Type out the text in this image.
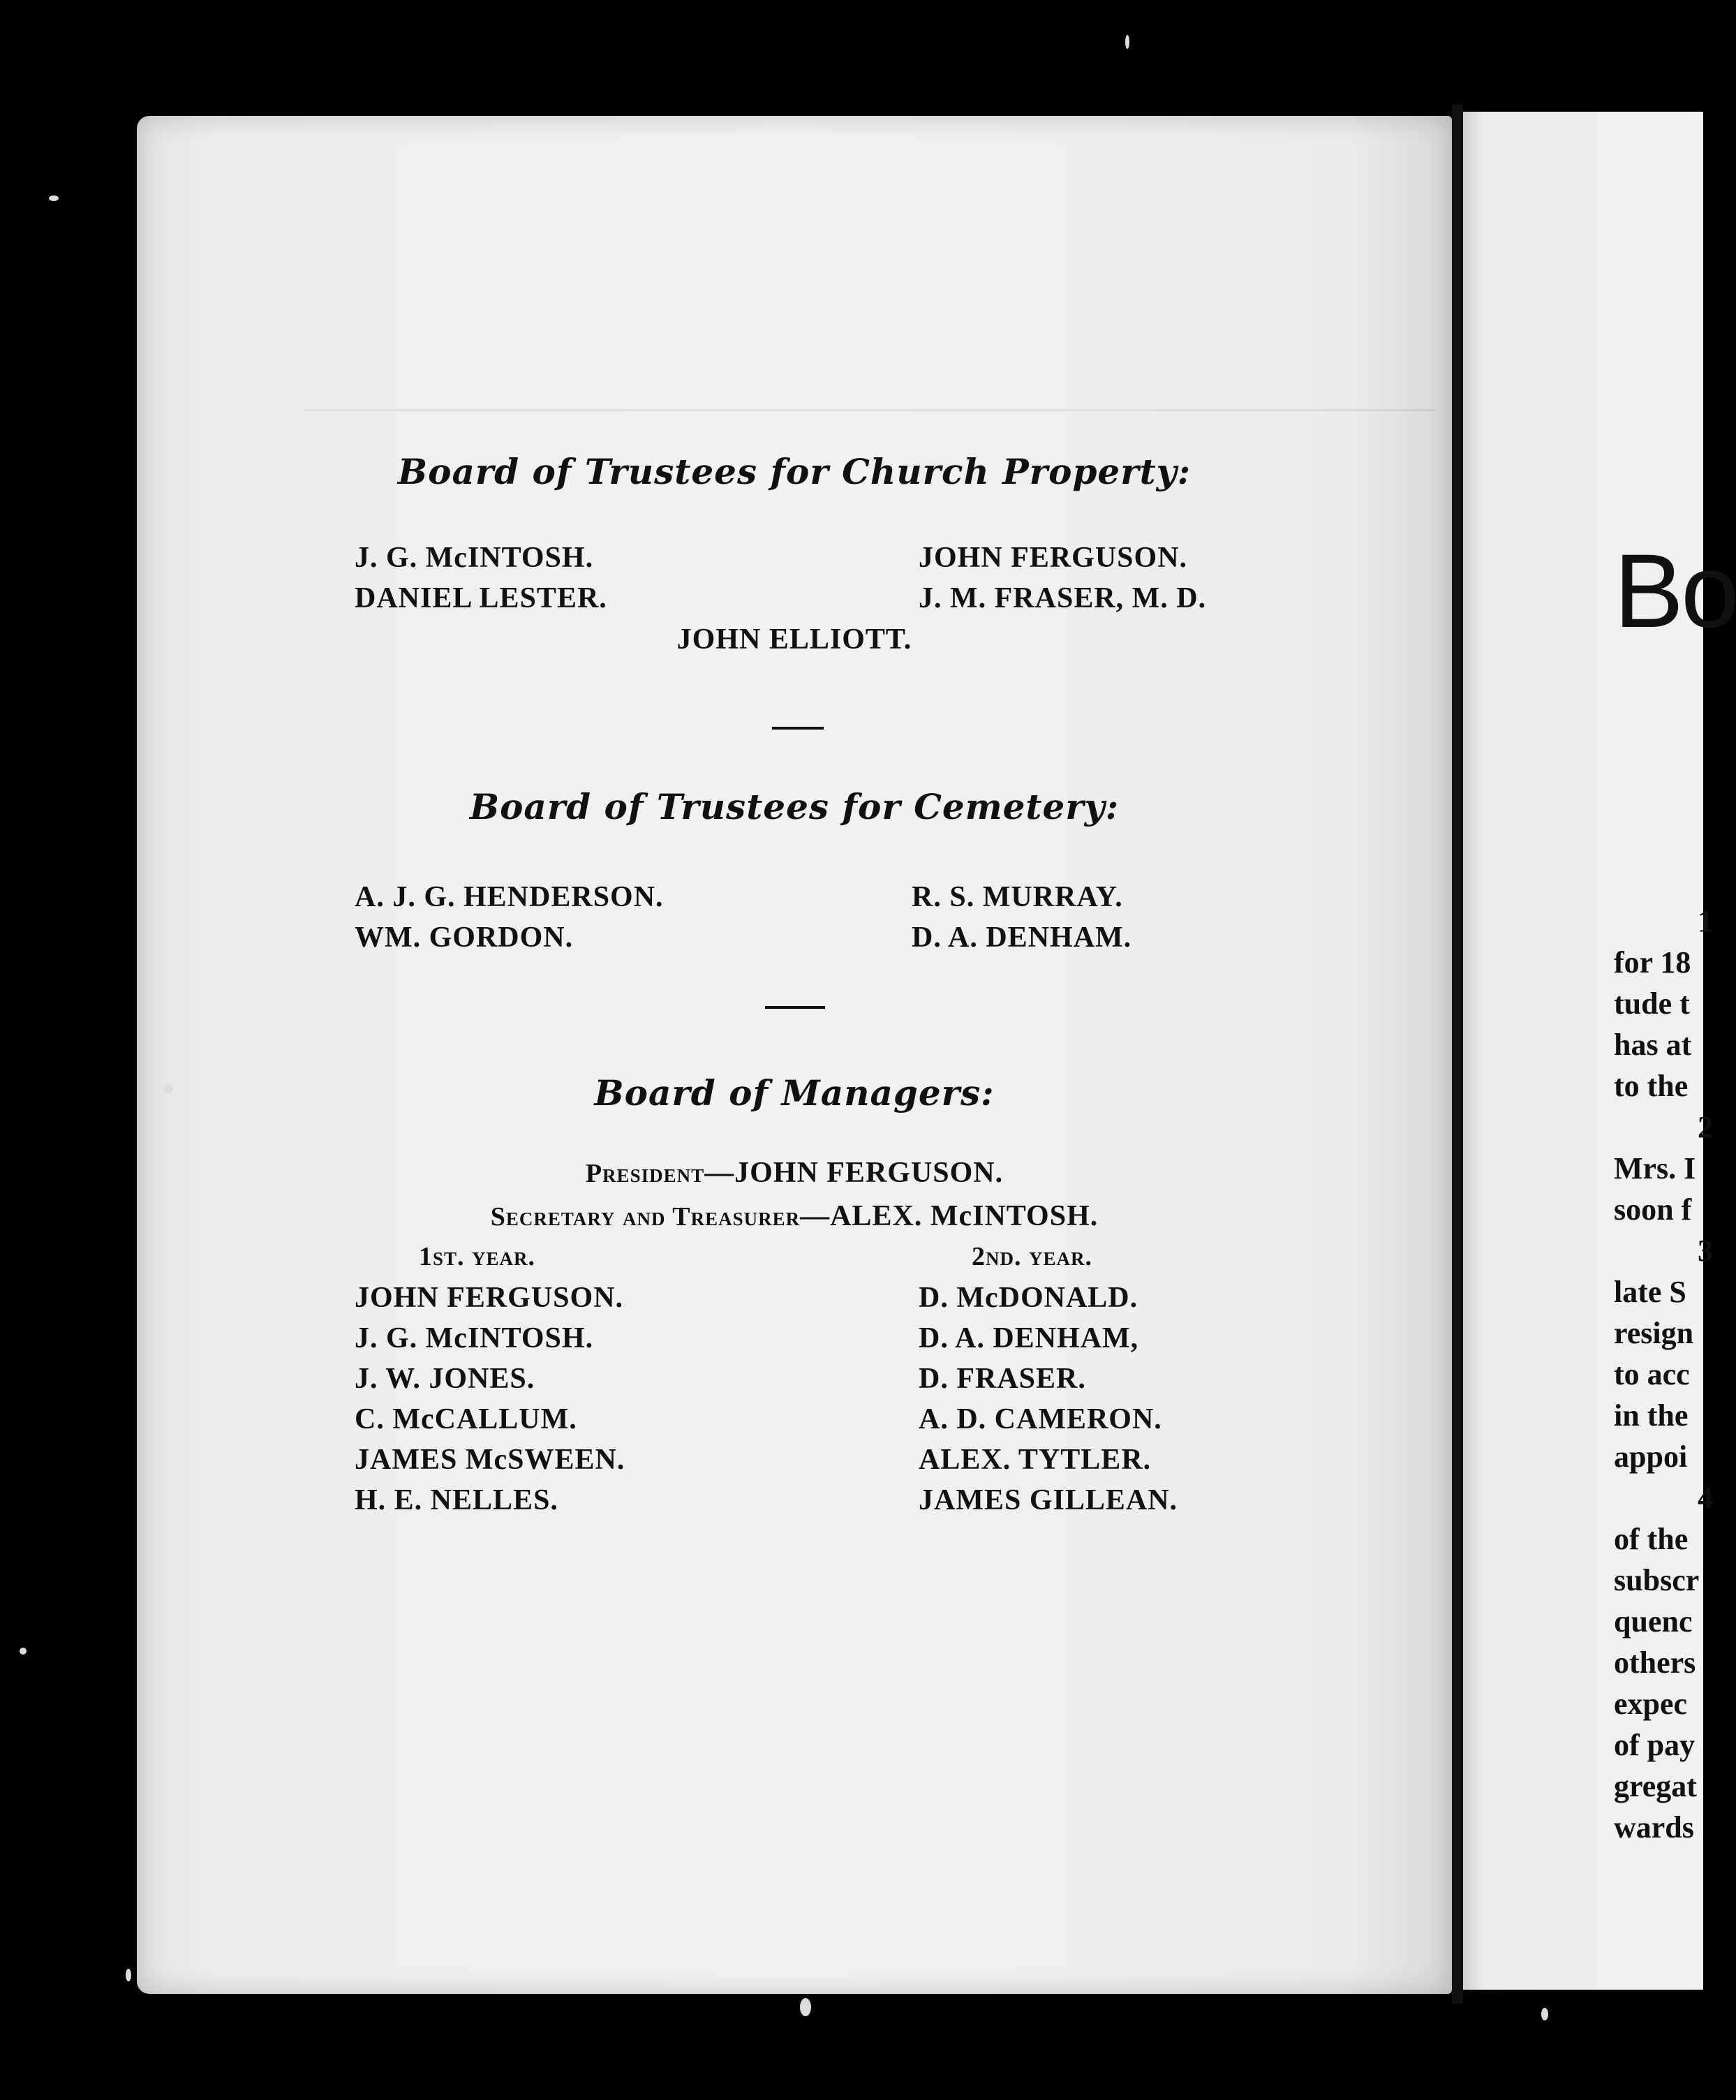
Board of Trustees for Church Property:
J. G. McINTOSH.
DANIEL LESTER.
JOHN FERGUSON.
J. M. FRASER, M. D.
JOHN ELLIOTT.
Board of Trustees for Cemetery:
A. J. G. HENDERSON.
WM. GORDON.
R. S. MURRAY.
D. A. DENHAM.
Board of Managers:
President—JOHN FERGUSON.
Secretary and Treasurer—ALEX. McINTOSH.
1st. year.	2nd. year.
JOHN FERGUSON.
J. G. McINTOSH.
J. W. JONES.
C. McCALLUM.
JAMES McSWEEN.
H. E. NELLES.
D. McDONALD.
D. A. DENHAM,
D. FRASER.
A. D. CAMERON.
ALEX. TYTLER.
JAMES GILLEAN.
Bo
1
for 18
tude t
has at
to the
2
Mrs. I
soon f
3
late S
resign
to acc
in the
appoi
4
of the
subscr
quenc
others
expec
of pay
gregat
wards
